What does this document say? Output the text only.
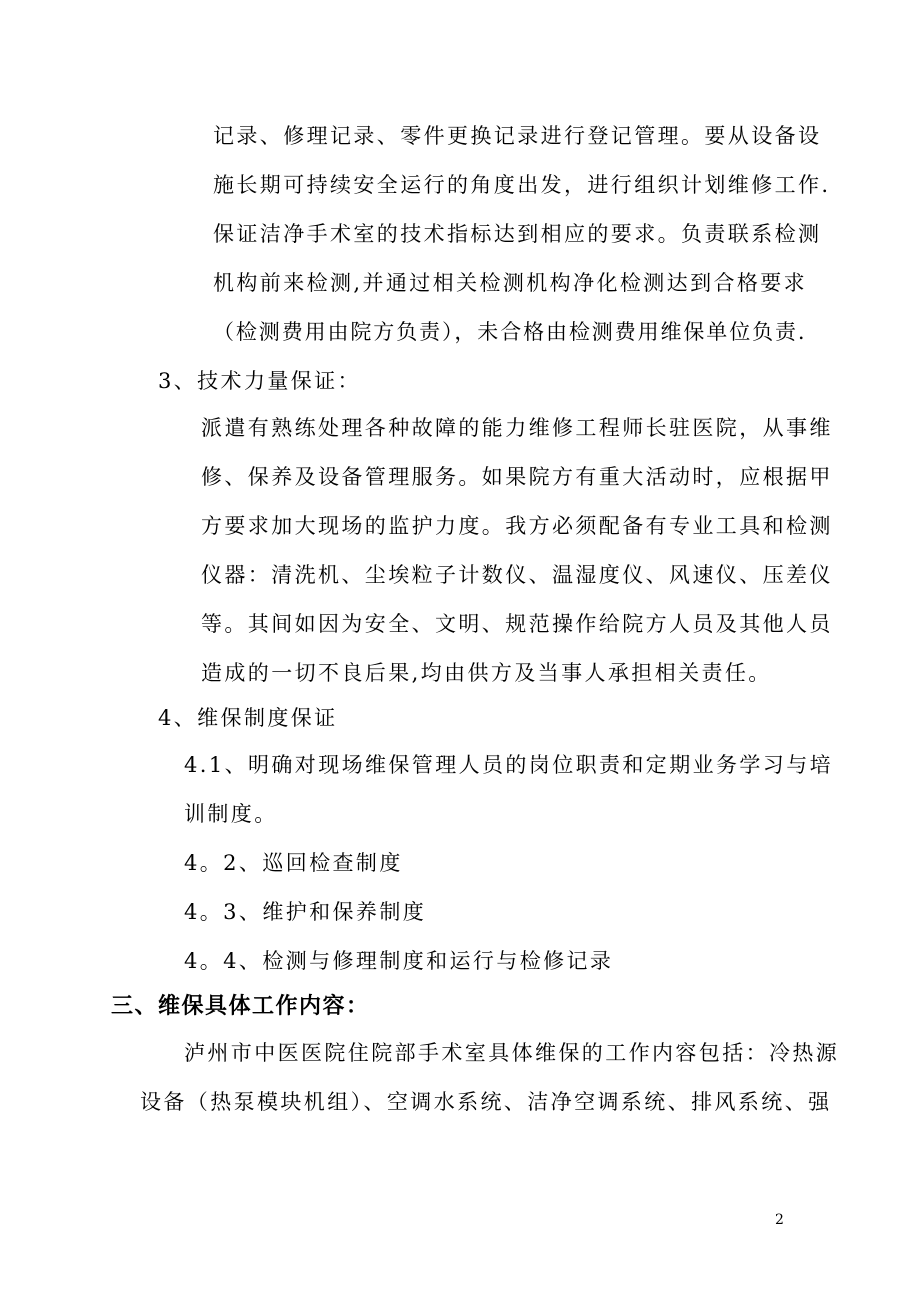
记录、修理记录、零件更换记录进行登记管理。要从设备设
施长期可持续安全运行的角度出发，进行组织计划维修工作.
保证洁净手术室的技术指标达到相应的要求。负责联系检测
机构前来检测,并通过相关检测机构净化检测达到合格要求
（检测费用由院方负责），未合格由检测费用维保单位负责.
3、技术力量保证：
派遣有熟练处理各种故障的能力维修工程师长驻医院，从事维
修、保养及设备管理服务。如果院方有重大活动时，应根据甲
方要求加大现场的监护力度。我方必须配备有专业工具和检测
仪器：清洗机、尘埃粒子计数仪、温湿度仪、风速仪、压差仪
等。其间如因为安全、文明、规范操作给院方人员及其他人员
造成的一切不良后果,均由供方及当事人承担相关责任。
4、维保制度保证
4.1、明确对现场维保管理人员的岗位职责和定期业务学习与培
训制度。
4。2、巡回检查制度
4。3、维护和保养制度
4。4、检测与修理制度和运行与检修记录
三、维保具体工作内容：
泸州市中医医院住院部手术室具体维保的工作内容包括：冷热源
设备（热泵模块机组）、空调水系统、洁净空调系统、排风系统、强
2
